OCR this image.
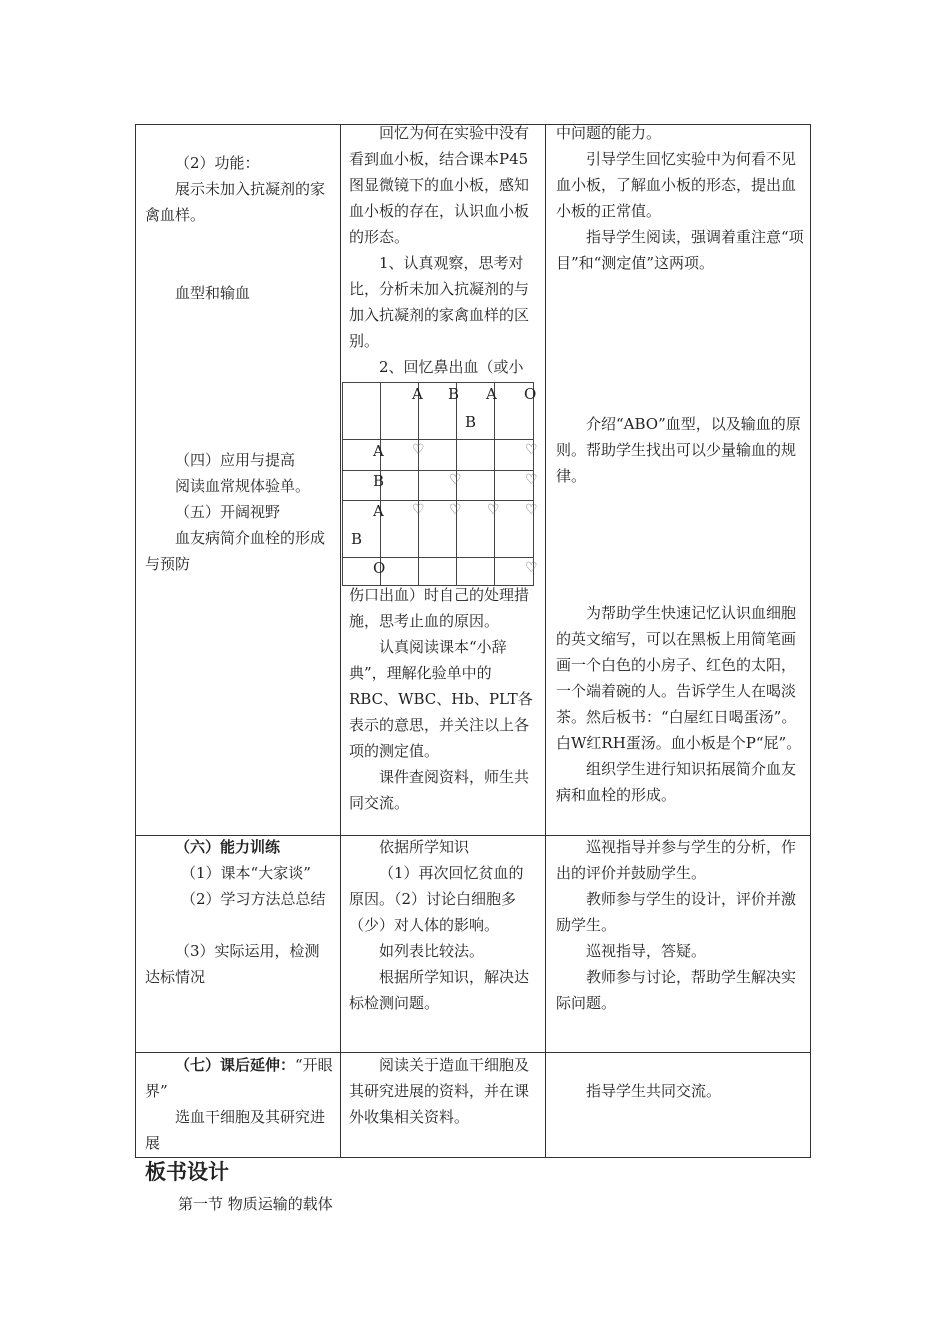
（2）功能：

展示未加入抗凝剂的家禽血样。

血型和输血

（四）应用与提高

阅读血常规体验单。

（五）开阔视野

血友病简介血栓的形成与预防

回忆为何在实验中没有看到血小板，结合课本P45图显微镜下的血小板，感知血小板的存在，认识血小板的形态。

1、认真观察，思考对比，分析未加入抗凝剂的与加入抗凝剂的家禽血样的区别。

2、回忆鼻出血（或小

A B A O
B
A
B
A
B
O
♡	♡
♡	♡
♡ ♡ ♡ ♡
♡

伤口出血）时自己的处理措施，思考止血的原因。

认真阅读课本“小辞典”，理解化验单中的RBC、WBC、Hb、PLT各表示的意思，并关注以上各项的测定值。

课件查阅资料，师生共同交流。

中问题的能力。

引导学生回忆实验中为何看不见血小板，了解血小板的形态，提出血小板的正常值。

指导学生阅读，强调着重注意“项目”和“测定值”这两项。

介绍“ABO”血型，以及输血的原则。帮助学生找出可以少量输血的规律。

为帮助学生快速记忆认识血细胞的英文缩写，可以在黑板上用简笔画画一个白色的小房子、红色的太阳，一个端着碗的人。告诉学生人在喝淡茶。然后板书：“白屋红日喝蛋汤”。白W红RH蛋汤。血小板是个P“屁”。

组织学生进行知识拓展简介血友病和血栓的形成。

（六）能力训练

（1）课本“大家谈”

（2）学习方法总总结

（3）实际运用，检测达标情况

依据所学知识

（1）再次回忆贫血的原因。（2）讨论白细胞多（少）对人体的影响。

如列表比较法。

根据所学知识，解决达标检测问题。

巡视指导并参与学生的分析，作出的评价并鼓励学生。

教师参与学生的设计，评价并激励学生。

巡视指导，答疑。

教师参与讨论，帮助学生解决实际问题。

（七）课后延伸：“开眼界”

选血干细胞及其研究进展

阅读关于造血干细胞及其研究进展的资料，并在课外收集相关资料。

指导学生共同交流。

板书设计
第一节 物质运输的载体
